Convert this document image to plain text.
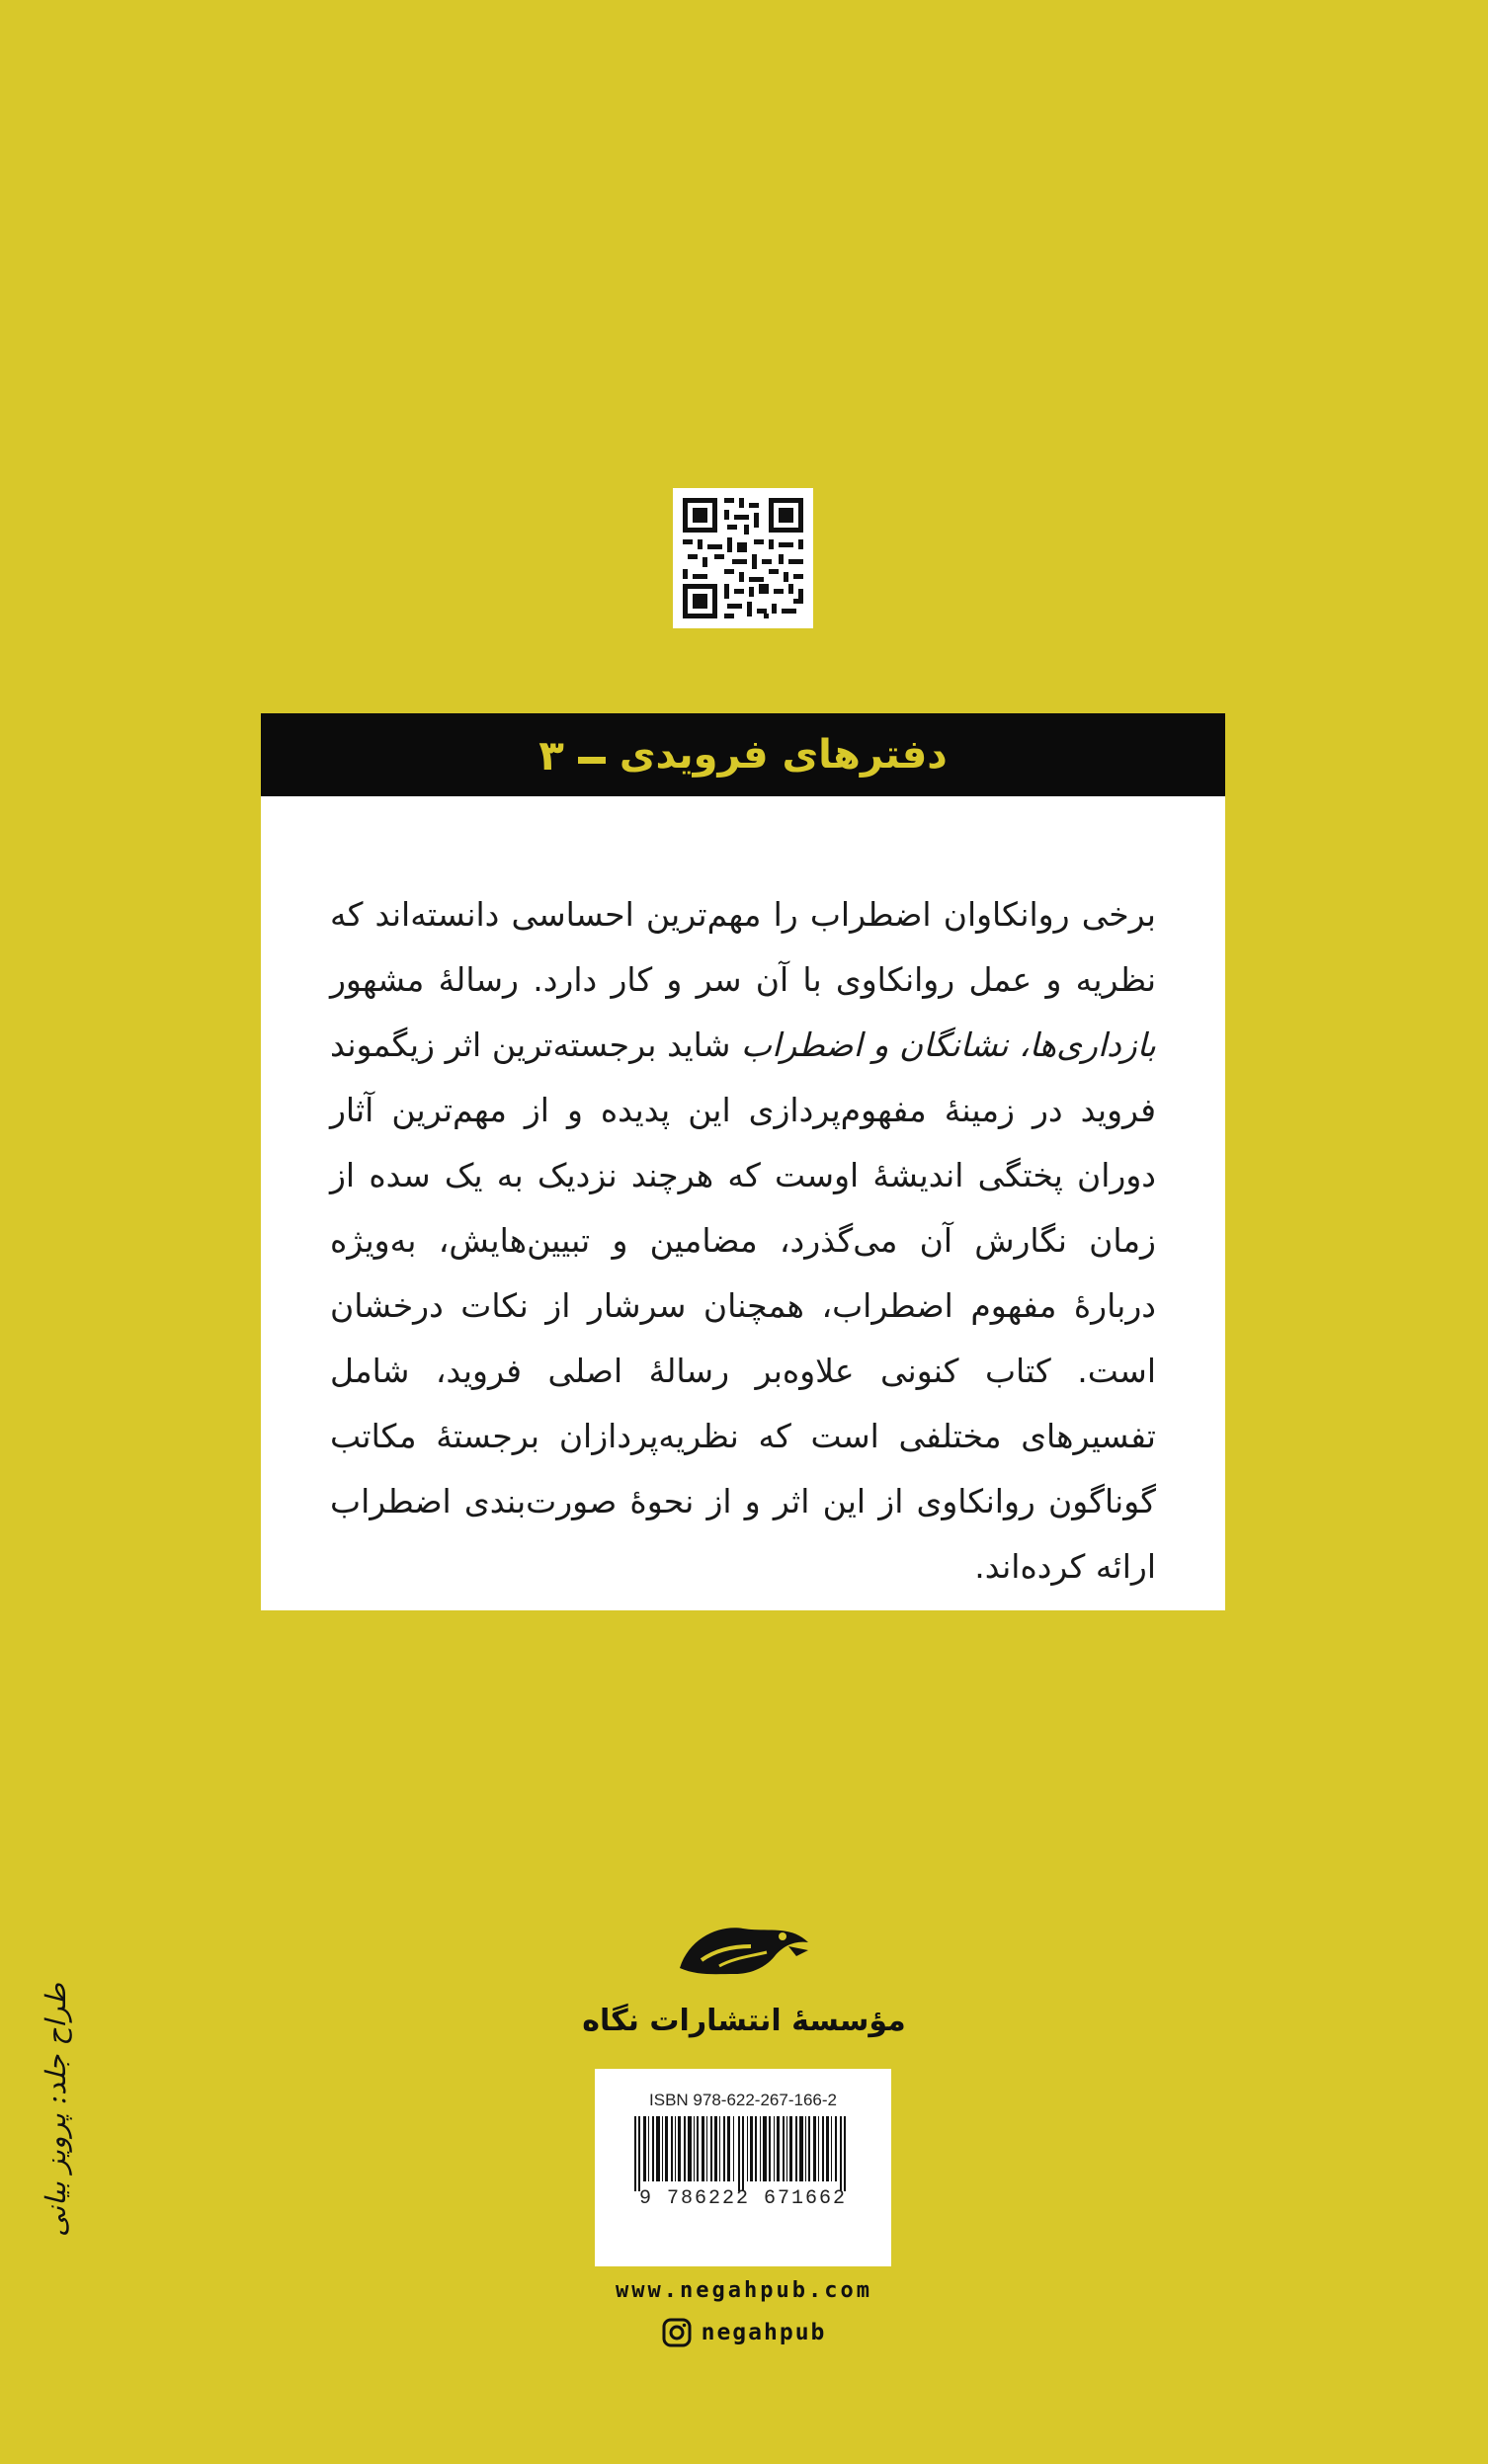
دفترهای فرویدی
۳

برخی روانکاوان اضطراب را مهم‌ترین احساسی دانسته‌اند که نظریه و عمل روانکاوی با آن سر و کار دارد. رسالهٔ مشهور بازداری‌ها، نشانگان و اضطراب شاید برجسته‌ترین اثر زیگموند فروید در زمینهٔ مفهوم‌پردازی این پدیده و از مهم‌ترین آثار دوران پختگی اندیشهٔ اوست که هرچند نزدیک به یک سده از زمان نگارش آن می‌گذرد، مضامین و تبیین‌هایش، به‌ویژه دربارهٔ مفهوم اضطراب، همچنان سرشار از نکات درخشان است. کتاب کنونی علاوه‌بر رسالهٔ اصلی فروید، شامل تفسیرهای مختلفی است که نظریه‌پردازان برجستهٔ مکاتب گوناگون روانکاوی از این اثر و از نحوهٔ صورت‌بندی اضطراب ارائه کرده‌اند.

مؤسسهٔ انتشارات نگاه
ISBN 978-622-267-166-2
9 786222 671662
www.negahpub.com
negahpub
طراح جلد: پرویز بیانی
